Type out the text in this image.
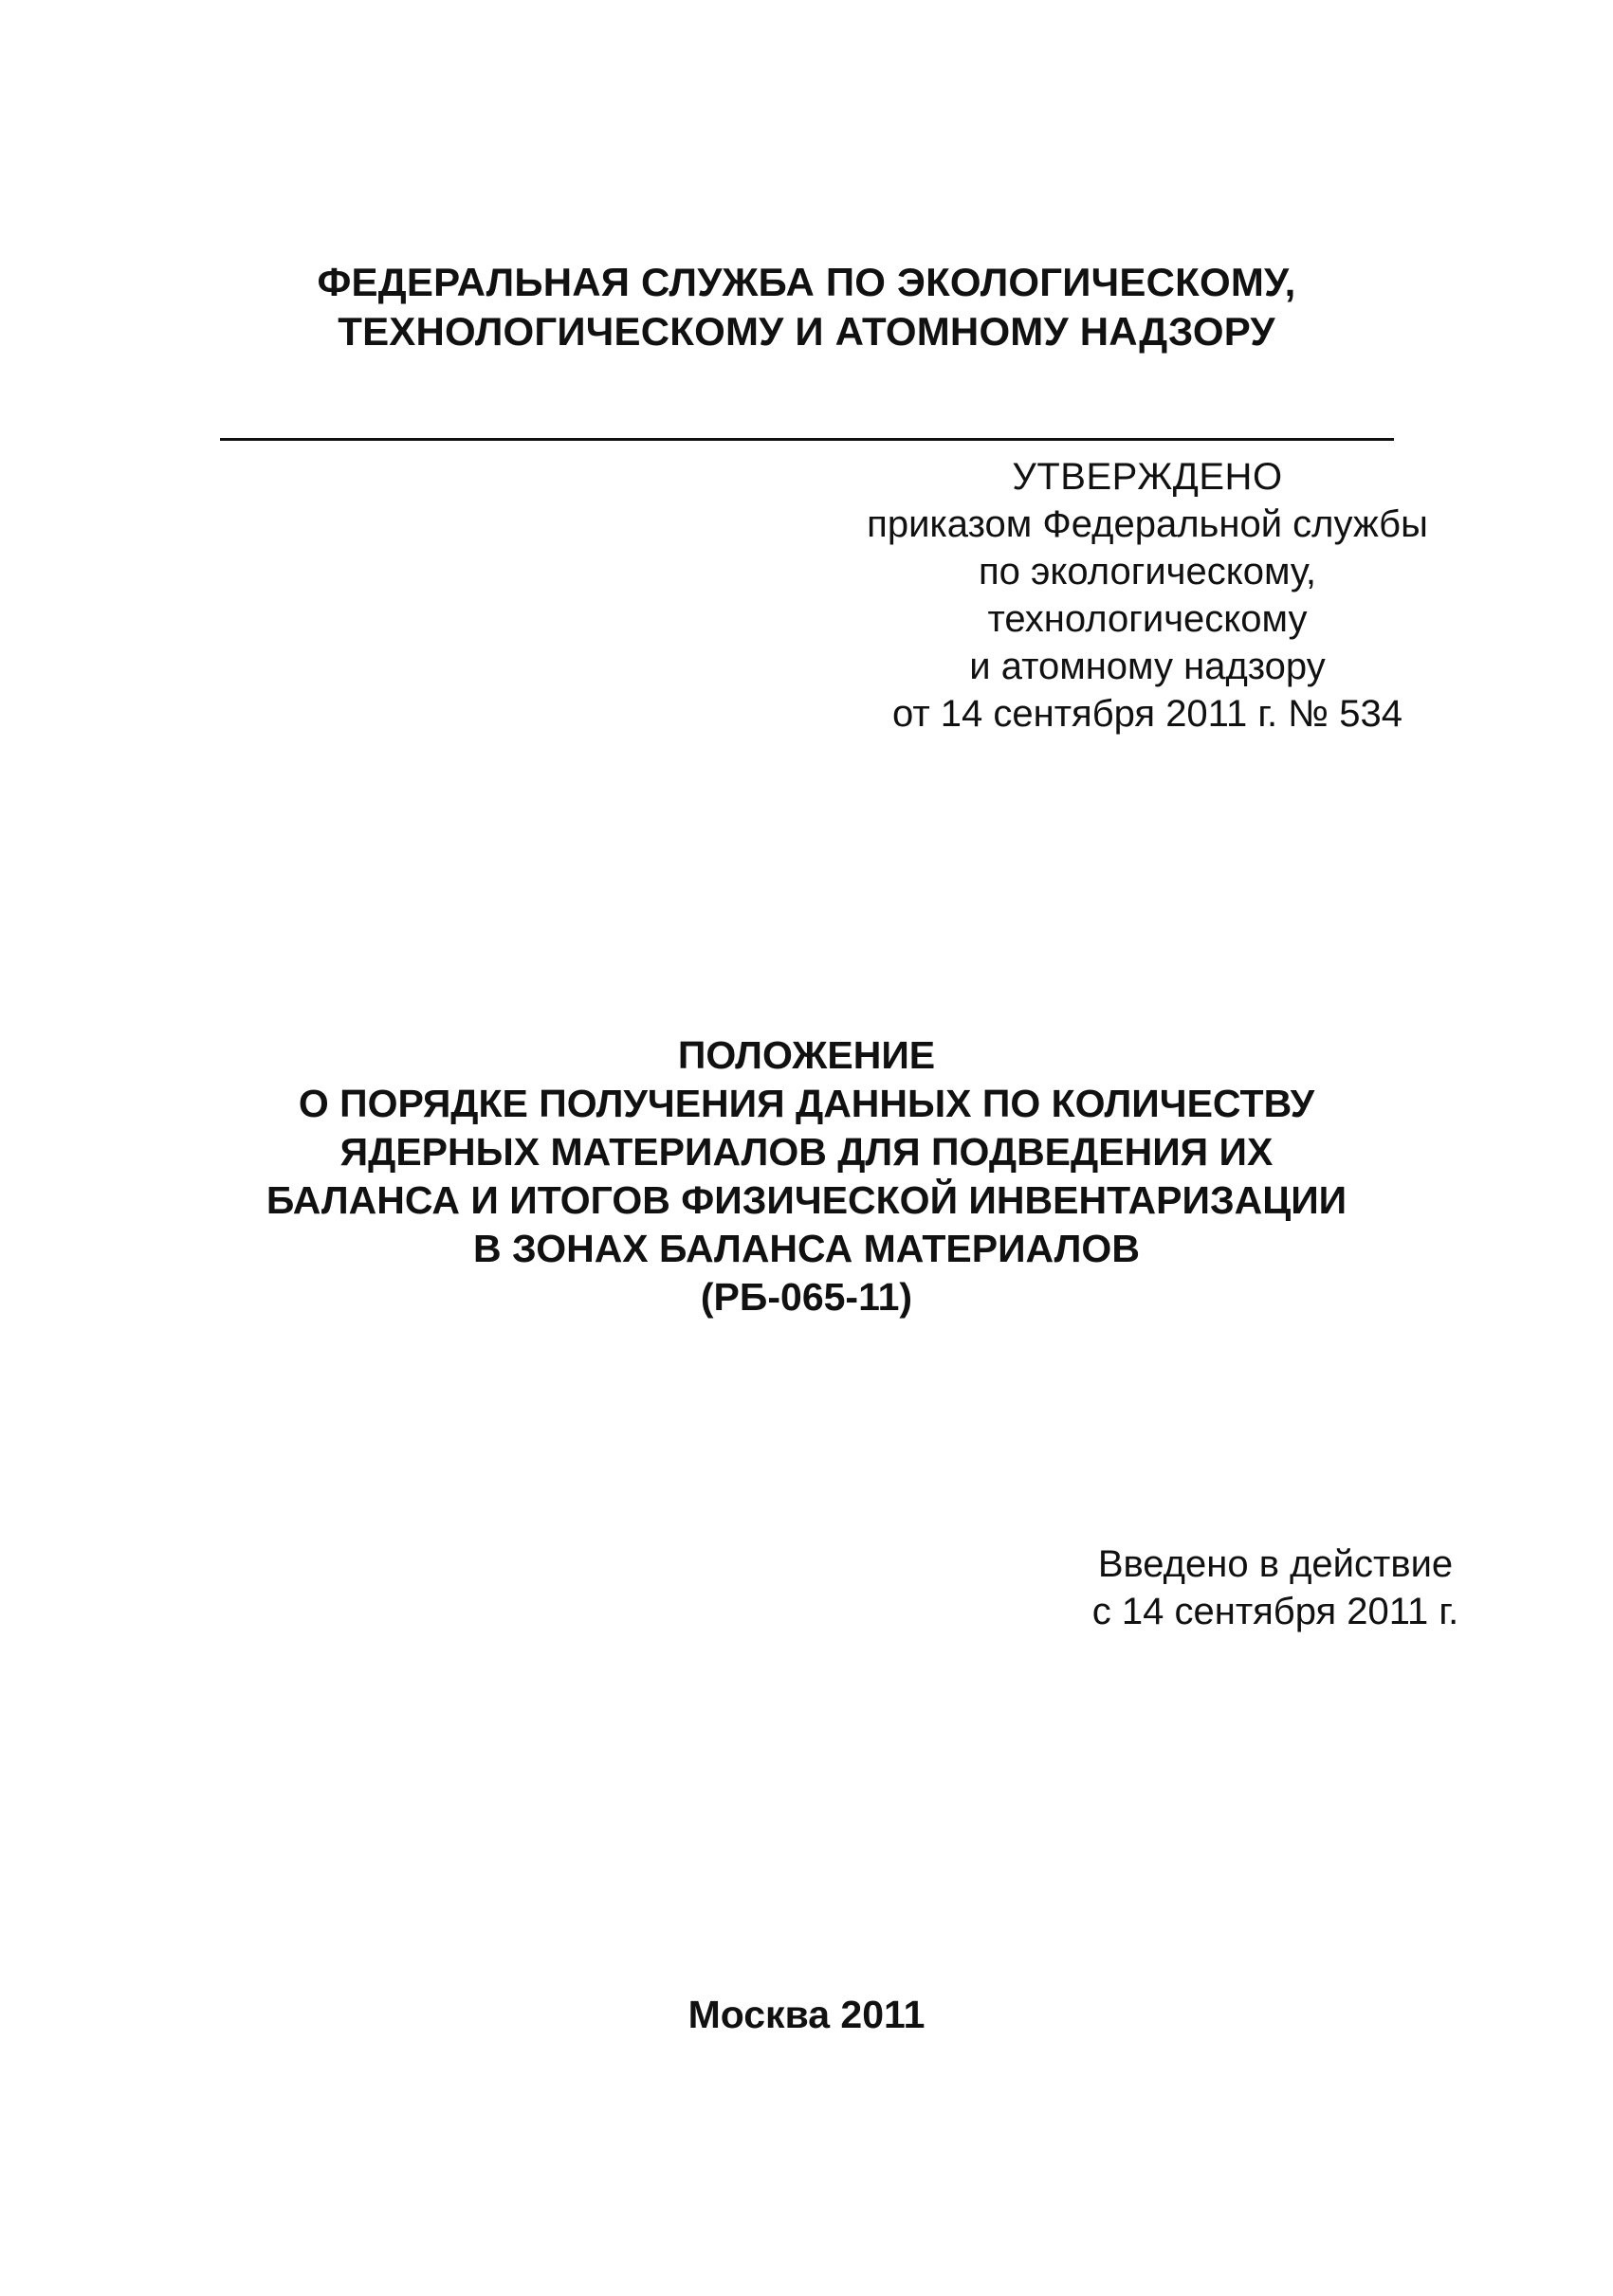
ФЕДЕРАЛЬНАЯ СЛУЖБА ПО ЭКОЛОГИЧЕСКОМУ,
ТЕХНОЛОГИЧЕСКОМУ И АТОМНОМУ НАДЗОРУ
УТВЕРЖДЕНО
приказом Федеральной службы
по экологическому,
технологическому
и атомному надзору
от 14 сентября 2011 г. № 534
ПОЛОЖЕНИЕ
О ПОРЯДКЕ ПОЛУЧЕНИЯ ДАННЫХ ПО КОЛИЧЕСТВУ
ЯДЕРНЫХ МАТЕРИАЛОВ ДЛЯ ПОДВЕДЕНИЯ ИХ
БАЛАНСА И ИТОГОВ ФИЗИЧЕСКОЙ ИНВЕНТАРИЗАЦИИ
В ЗОНАХ БАЛАНСА МАТЕРИАЛОВ
(РБ-065-11)
Введено в действие
с 14 сентября 2011 г.
Москва 2011
